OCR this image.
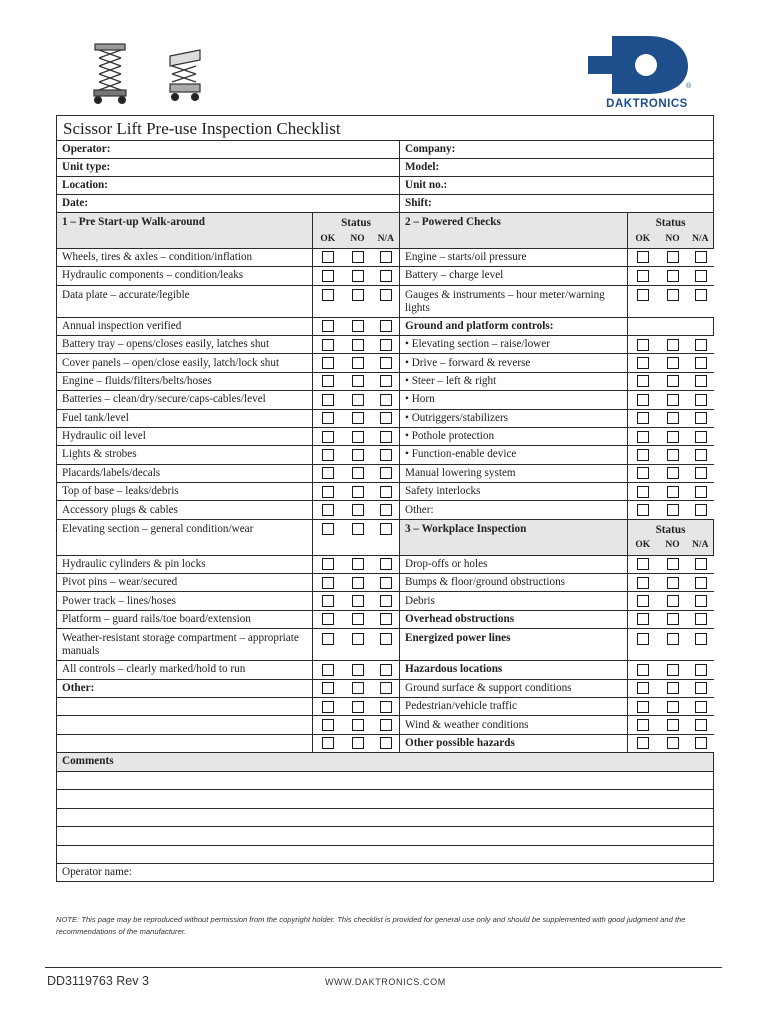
®
DAKTRONICS
Scissor Lift Pre-use Inspection Checklist							
Operator:				Company:			
Unit type:				Model:			
Location:				Unit no.:			
Date:				Shift:			
1 – Pre Start-up Walk-around	Status			2 – Powered Checks	Status		
	OK	NO	N/A		OK	NO	N/A
Wheels, tires & axles – condition/inflation				Engine – starts/oil pressure			
Hydraulic components – condition/leaks				Battery – charge level			
Data plate – accurate/legible				Gauges & instruments – hour meter/warning lights			
Annual inspection verified				Ground and platform controls:			
Battery tray – opens/closes easily, latches shut				• Elevating section – raise/lower			
Cover panels – open/close easily, latch/lock shut				• Drive – forward & reverse			
Engine – fluids/filters/belts/hoses				• Steer – left & right			
Batteries – clean/dry/secure/caps-cables/level				• Horn			
Fuel tank/level				• Outriggers/stabilizers			
Hydraulic oil level				• Pothole protection			
Lights & strobes				• Function-enable device			
Placards/labels/decals				Manual lowering system			
Top of base – leaks/debris				Safety interlocks			
Accessory plugs & cables				Other:			
Elevating section – general condition/wear				3 – Workplace Inspection	Status		
					OK	NO	N/A
Hydraulic cylinders & pin locks				Drop-offs or holes			
Pivot pins – wear/secured				Bumps & floor/ground obstructions			
Power track – lines/hoses				Debris			
Platform – guard rails/toe board/extension				Overhead obstructions			
Weather-resistant storage compartment – appropriate manuals				Energized power lines			
All controls – clearly marked/hold to run				Hazardous locations			
Other:				Ground surface & support conditions			
				Pedestrian/vehicle traffic			
				Wind & weather conditions			
				Other possible hazards			
Comments							

Operator name:							
NOTE: This page may be reproduced without permission from the copyright holder. This checklist is provided for general use only and should be supplemented with good judgment and the recommendations of the manufacturer.
DD3119763 Rev 3	WWW.DAKTRONICS.COM
